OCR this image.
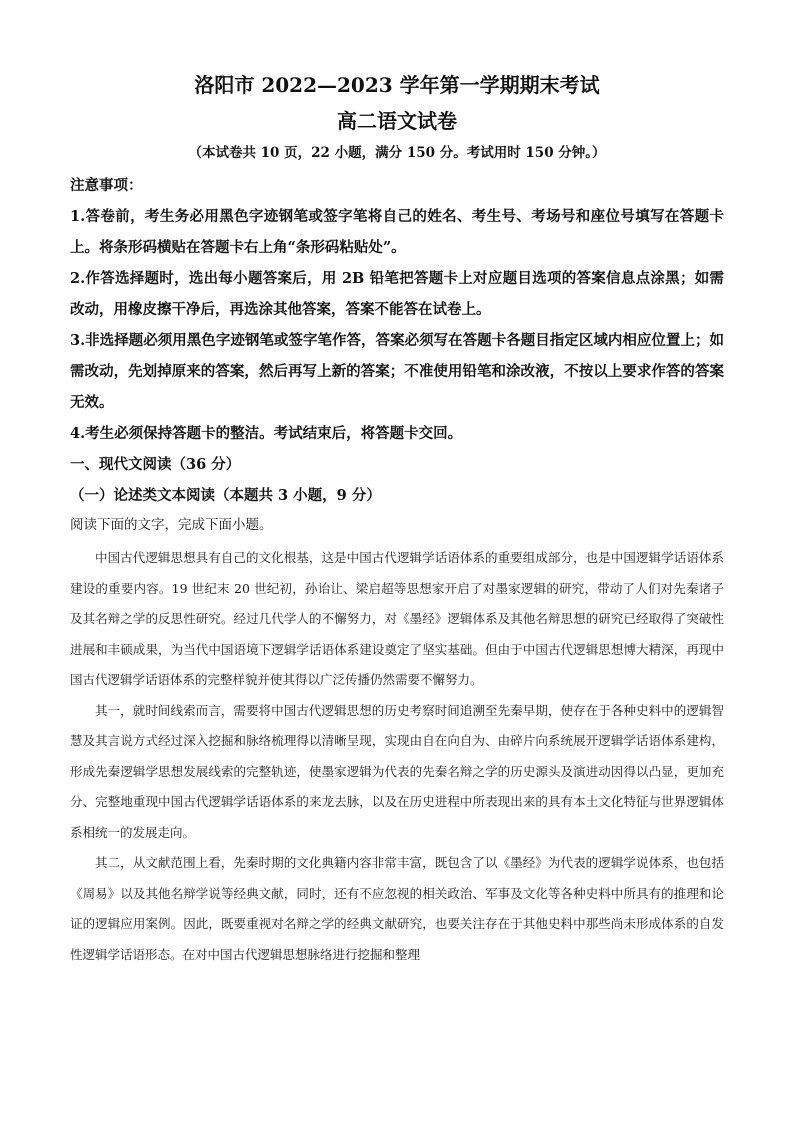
洛阳市 2022—2023 学年第一学期期末考试
高二语文试卷

（本试卷共 10 页，22 小题，满分 150 分。考试用时 150 分钟。）

注意事项：

1.答卷前，考生务必用黑色字迹钢笔或签字笔将自己的姓名、考生号、考场号和座位号填写在答题卡上。将条形码横贴在答题卡右上角“条形码粘贴处”。

2.作答选择题时，选出每小题答案后，用 2B 铅笔把答题卡上对应题目选项的答案信息点涂黑；如需改动，用橡皮擦干净后，再选涂其他答案，答案不能答在试卷上。

3.非选择题必须用黑色字迹钢笔或签字笔作答，答案必须写在答题卡各题目指定区域内相应位置上；如需改动，先划掉原来的答案，然后再写上新的答案；不准使用铅笔和涂改液，不按以上要求作答的答案无效。

4.考生必须保持答题卡的整洁。考试结束后，将答题卡交回。

一、现代文阅读（36 分）

（一）论述类文本阅读（本题共 3 小题，9 分）

阅读下面的文字，完成下面小题。

中国古代逻辑思想具有自己的文化根基，这是中国古代逻辑学话语体系的重要组成部分，也是中国逻辑学话语体系建设的重要内容。19 世纪末 20 世纪初，孙诒让、梁启超等思想家开启了对墨家逻辑的研究，带动了人们对先秦诸子及其名辩之学的反思性研究。经过几代学人的不懈努力，对《墨经》逻辑体系及其他名辩思想的研究已经取得了突破性进展和丰硕成果，为当代中国语境下逻辑学话语体系建设奠定了坚实基础。但由于中国古代逻辑思想博大精深，再现中国古代逻辑学话语体系的完整样貌并使其得以广泛传播仍然需要不懈努力。

其一，就时间线索而言，需要将中国古代逻辑思想的历史考察时间追溯至先秦早期，使存在于各种史料中的逻辑智慧及其言说方式经过深入挖掘和脉络梳理得以清晰呈现，实现由自在向自为、由碎片向系统展开逻辑学话语体系建构，形成先秦逻辑学思想发展线索的完整轨迹，使墨家逻辑为代表的先秦名辩之学的历史源头及演进动因得以凸显，更加充分、完整地重现中国古代逻辑学话语体系的来龙去脉，以及在历史进程中所表现出来的具有本土文化特征与世界逻辑体系相统一的发展走向。

其二，从文献范围上看，先秦时期的文化典籍内容非常丰富，既包含了以《墨经》为代表的逻辑学说体系，也包括《周易》以及其他名辩学说等经典文献，同时，还有不应忽视的相关政治、军事及文化等各种史料中所具有的推理和论证的逻辑应用案例。因此，既要重视对名辩之学的经典文献研究，也要关注存在于其他史料中那些尚未形成体系的自发性逻辑学话语形态。在对中国古代逻辑思想脉络进行挖掘和整理
